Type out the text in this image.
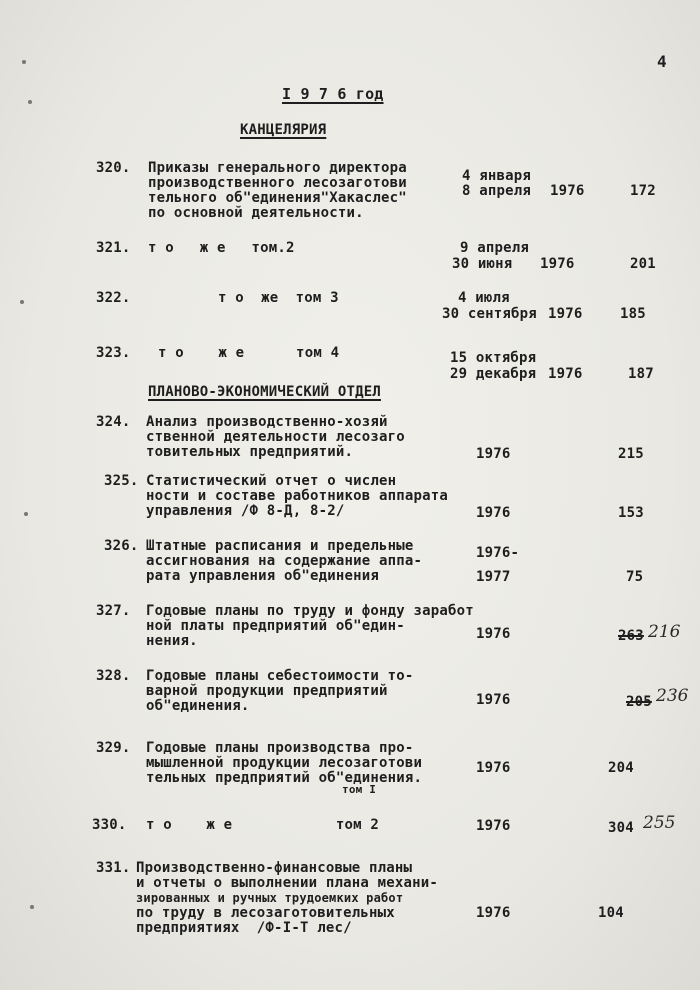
4
I 9 7 6 год
КАНЦЕЛЯРИЯ
320. Приказы генерального директора
производственного лесозаготови
тельного об"единения"Хакаслес"
по основной деятельности.
4 января
8 апреля 1976	172
321. т о   ж е   том.2	9 апреля
30 июня 1976	201
322.	т о  же  том 3	4 июля
30 сентября 1976	185
323. т о    ж е      том 4	15 октября
29 декабря 1976	187
ПЛАНОВО-ЭКОНОМИЧЕСКИЙ ОТДЕЛ
324. Анализ производственно-хозяй
ственной деятельности лесозаго
товительных предприятий.	1976	215
325. Статистический отчет о числен
ности и составе работников аппарата
управления /Ф 8-Д, 8-2/	1976	153
326. Штатные расписания и предельные
ассигнования на содержание аппа-
рата управления об"единения
1976-
1977	75
327. Годовые планы по труду и фонду заработ
ной платы предприятий об"един-
нения.	1976	263 216
328. Годовые планы себестоимости то-
варной продукции предприятий
об"единения.	1976	205 236
329. Годовые планы производства про-
мышленной продукции лесозаготови
тельных предприятий об"единения.
том I
1976	204
330. т о    ж е            том 2	1976	304 255
331. Производственно-финансовые планы
и отчеты о выполнении плана механи-
зированных и ручных трудоемких работ
по труду в лесозаготовительных
предприятиях  /Ф-I-Т лес/
1976	104
